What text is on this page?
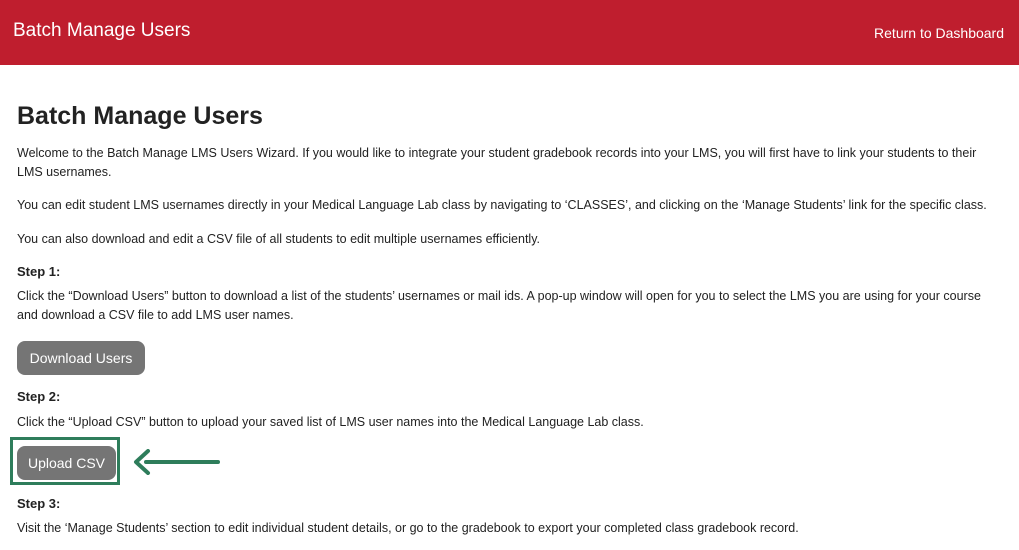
Batch Manage Users	Return to Dashboard
Batch Manage Users

Welcome to the Batch Manage LMS Users Wizard. If you would like to integrate your student gradebook records into your LMS, you will first have to link your students to their LMS usernames.

You can edit student LMS usernames directly in your Medical Language Lab class by navigating to ‘CLASSES’, and clicking on the ‘Manage Students’ link for the specific class.

You can also download and edit a CSV file of all students to edit multiple usernames efficiently.

Step 1:

Click the “Download Users” button to download a list of the students’ usernames or mail ids. A pop-up window will open for you to select the LMS you are using for your course and download a CSV file to add LMS user names.

Download Users
Step 2:

Click the “Upload CSV” button to upload your saved list of LMS user names into the Medical Language Lab class.

Upload CSV
Step 3:

Visit the ‘Manage Students’ section to edit individual student details, or go to the gradebook to export your completed class gradebook record.
